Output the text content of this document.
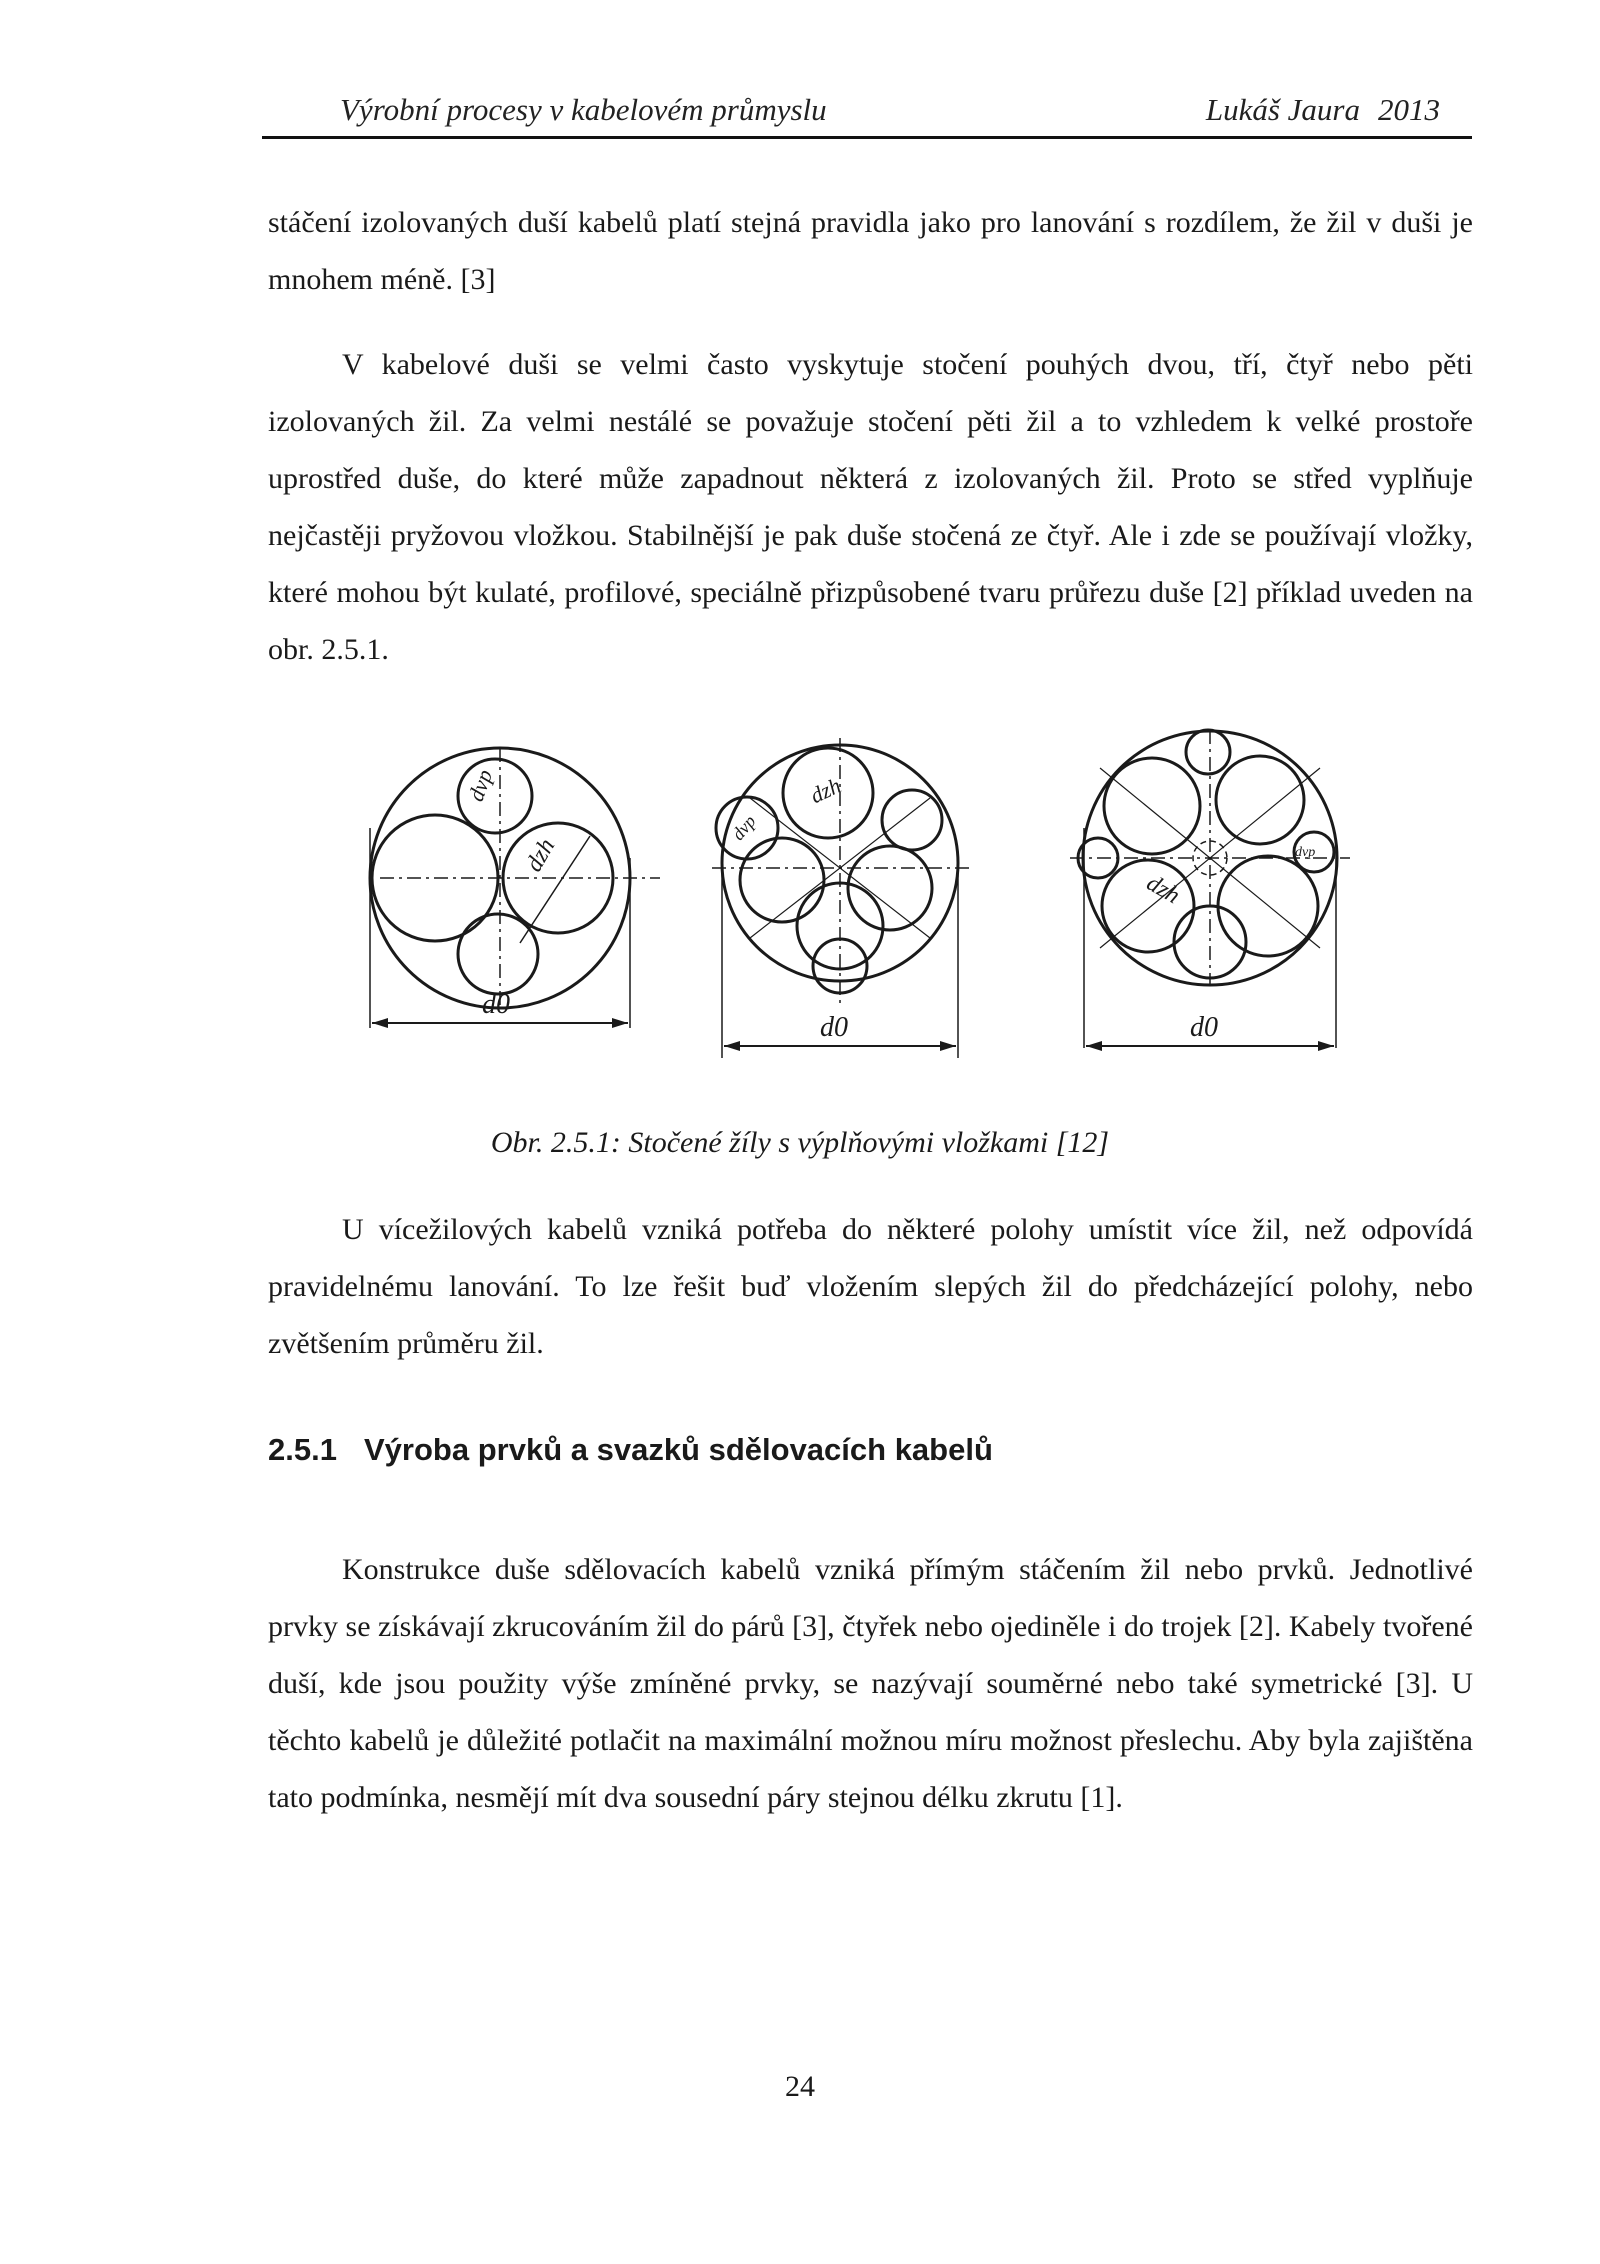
Výrobní procesy v kabelovém průmyslu	Lukáš Jaura 2013

stáčení izolovaných duší kabelů platí stejná pravidla jako pro lanování s rozdílem, že žil v duši je mnohem méně. [3]

V kabelové duši se velmi často vyskytuje stočení pouhých dvou, tří, čtyř nebo pěti izolovaných žil. Za velmi nestálé se považuje stočení pěti žil a to vzhledem k velké prostoře uprostřed duše, do které může zapadnout některá z izolovaných žil. Proto se střed vyplňuje nejčastěji pryžovou vložkou. Stabilnější je pak duše stočená ze čtyř. Ale i zde se používají vložky, které mohou být kulaté, profilové, speciálně přizpůsobené tvaru průřezu duše [2] příklad uveden na obr. 2.5.1.

dzh
dvp
d0
dzh
dvp
d0
dzh
dvp
d0
Obr. 2.5.1: Stočené žíly s výplňovými vložkami [12]

U vícežilových kabelů vzniká potřeba do některé polohy umístit více žil, než odpovídá pravidelnému lanování. To lze řešit buď vložením slepých žil do předcházející polohy, nebo zvětšením průměru žil.

2.5.1 Výroba prvků a svazků sdělovacích kabelů

Konstrukce duše sdělovacích kabelů vzniká přímým stáčením žil nebo prvků. Jednotlivé prvky se získávají zkrucováním žil do párů [3], čtyřek nebo ojediněle i do trojek [2]. Kabely tvořené duší, kde jsou použity výše zmíněné prvky, se nazývají souměrné nebo také symetrické [3]. U těchto kabelů je důležité potlačit na maximální možnou míru možnost přeslechu. Aby byla zajištěna tato podmínka, nesmějí mít dva sousední páry stejnou délku zkrutu [1].

24
